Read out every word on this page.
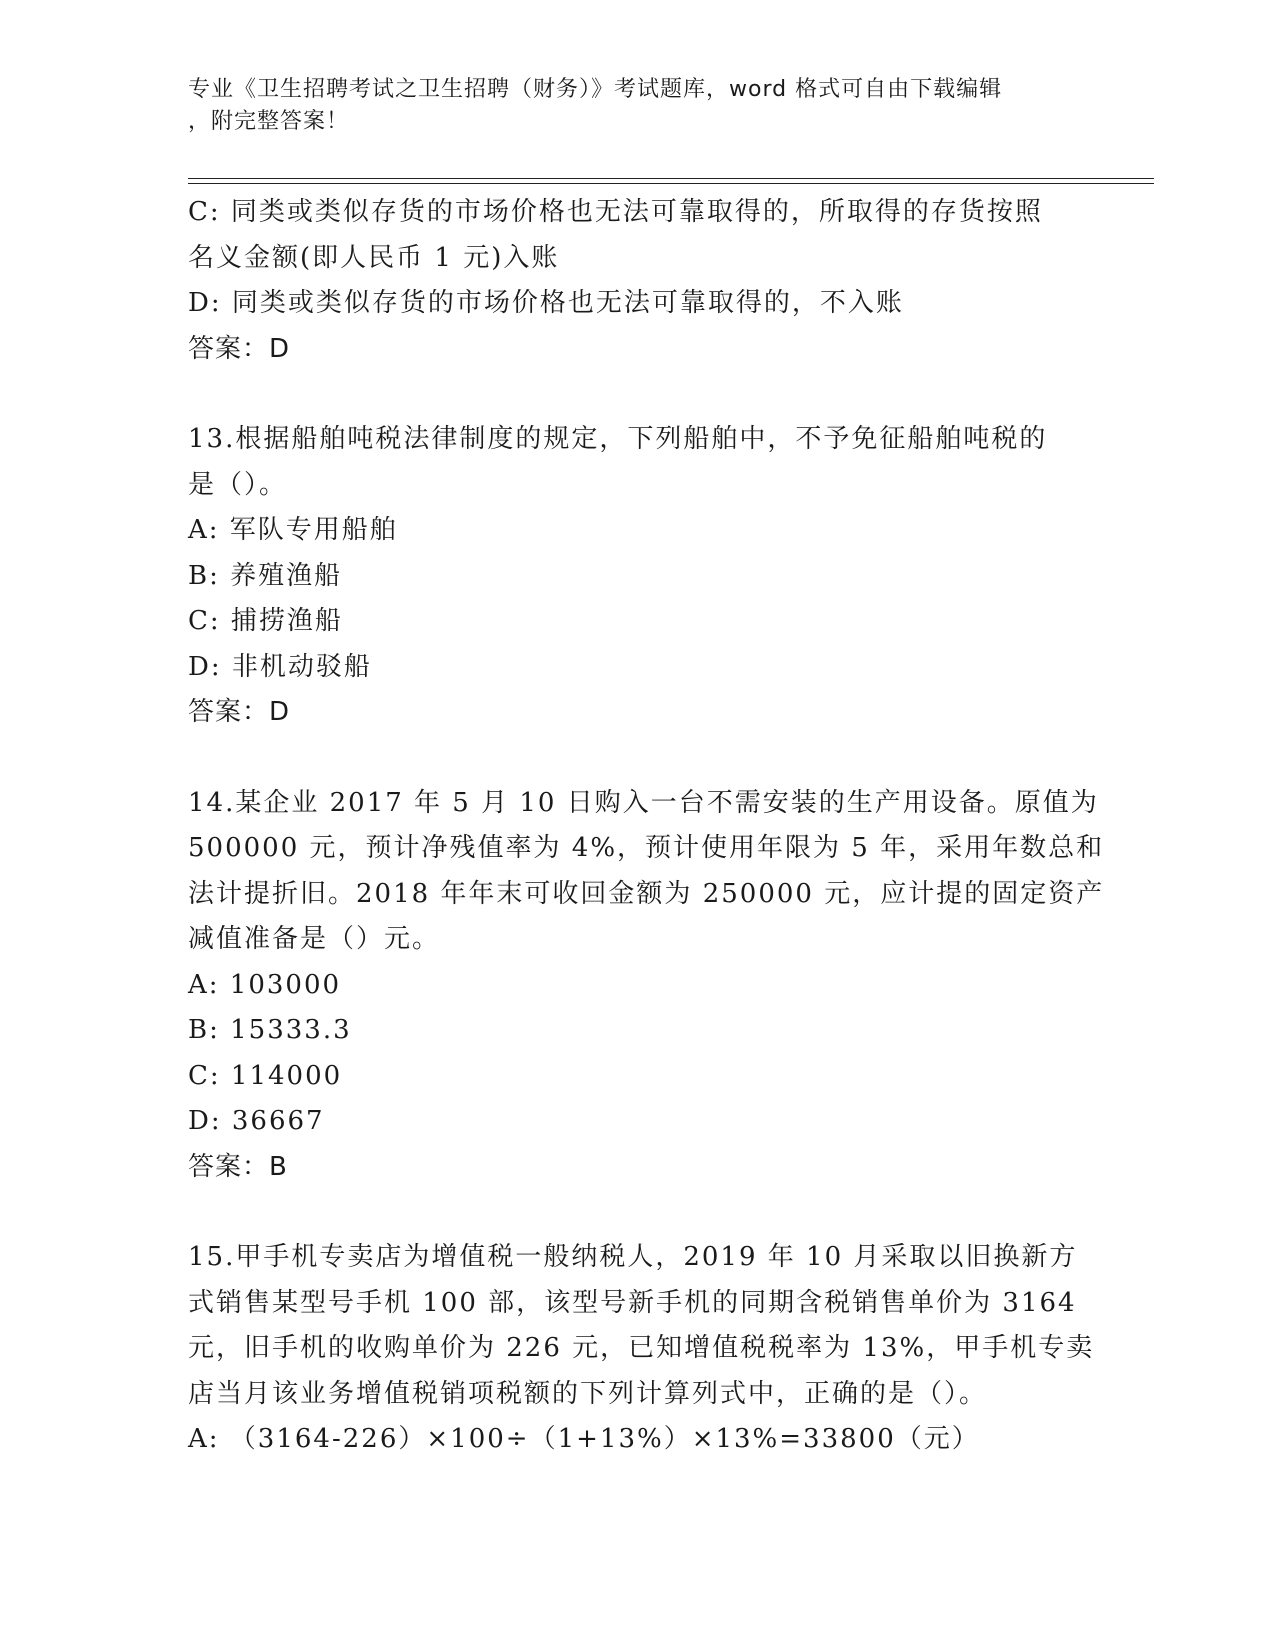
专业《卫生招聘考试之卫生招聘（财务）》考试题库，word 格式可自由下载编辑
，附完整答案！
C: 同类或类似存货的市场价格也无法可靠取得的，所取得的存货按照
名义金额(即人民币 1 元)入账
D: 同类或类似存货的市场价格也无法可靠取得的，不入账
答案：D
13.根据船舶吨税法律制度的规定，下列船舶中，不予免征船舶吨税的
是（）。
A: 军队专用船舶
B: 养殖渔船
C: 捕捞渔船
D: 非机动驳船
答案：D
14.某企业 2017 年 5 月 10 日购入一台不需安装的生产用设备。原值为
500000 元，预计净残值率为 4%，预计使用年限为 5 年，采用年数总和
法计提折旧。2018 年年末可收回金额为 250000 元，应计提的固定资产
减值准备是（）元。
A: 103000
B: 15333.3
C: 114000
D: 36667
答案：B
15.甲手机专卖店为增值税一般纳税人，2019 年 10 月采取以旧换新方
式销售某型号手机 100 部，该型号新手机的同期含税销售单价为 3164
元，旧手机的收购单价为 226 元，已知增值税税率为 13%，甲手机专卖
店当月该业务增值税销项税额的下列计算列式中，正确的是（）。
A: （3164-226）×100÷（1+13%）×13%=33800（元）
